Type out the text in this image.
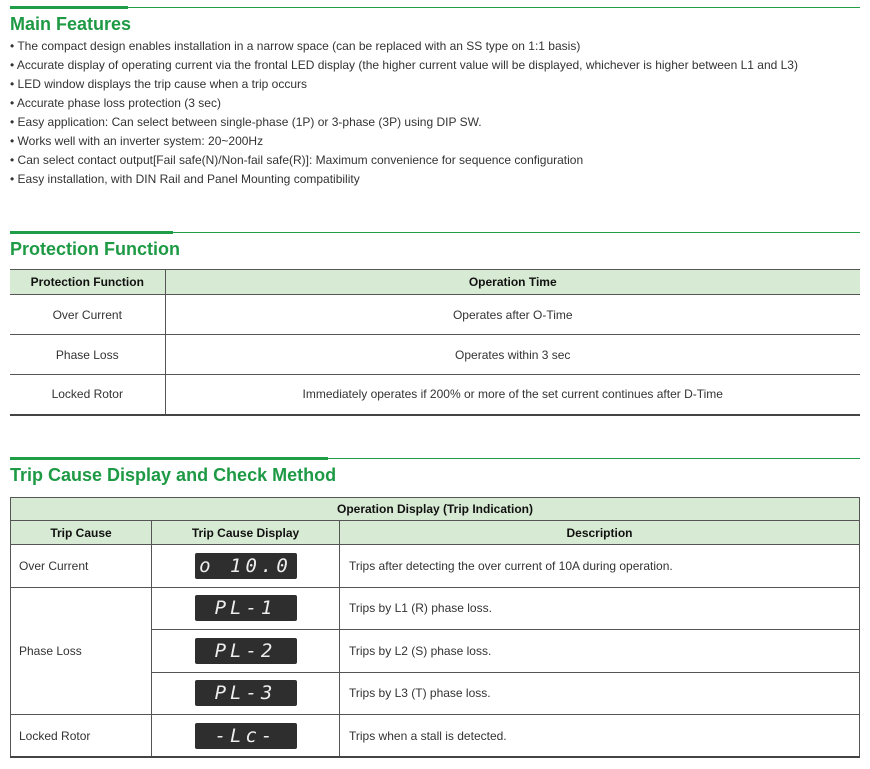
Main Features
• The compact design enables installation in a narrow space (can be replaced with an SS type on 1:1 basis)
• Accurate display of operating current via the frontal LED display (the higher current value will be displayed, whichever is higher between L1 and L3)
• LED window displays the trip cause when a trip occurs
• Accurate phase loss protection (3 sec)
• Easy application: Can select between single-phase (1P) or 3-phase (3P) using DIP SW.
• Works well with an inverter system: 20~200Hz
• Can select contact output[Fail safe(N)/Non-fail safe(R)]: Maximum convenience for sequence configuration
• Easy installation, with DIN Rail and Panel Mounting compatibility
Protection Function
Protection Function	Operation Time
Over Current	Operates after O-Time
Phase Loss	Operates within 3 sec
Locked Rotor	Immediately operates if 200% or more of the set current continues after D-Time
Trip Cause Display and Check Method
Operation Display (Trip Indication)		
Trip Cause	Trip Cause Display	Description
Over Current	o 10.0	Trips after detecting the over current of 10A during operation.
Phase Loss	PL-1	Trips by L1 (R) phase loss.

	PL-2	Trips by L2 (S) phase loss.

	PL-3	Trips by L3 (T) phase loss.
Locked Rotor	-Lc-	Trips when a stall is detected.
